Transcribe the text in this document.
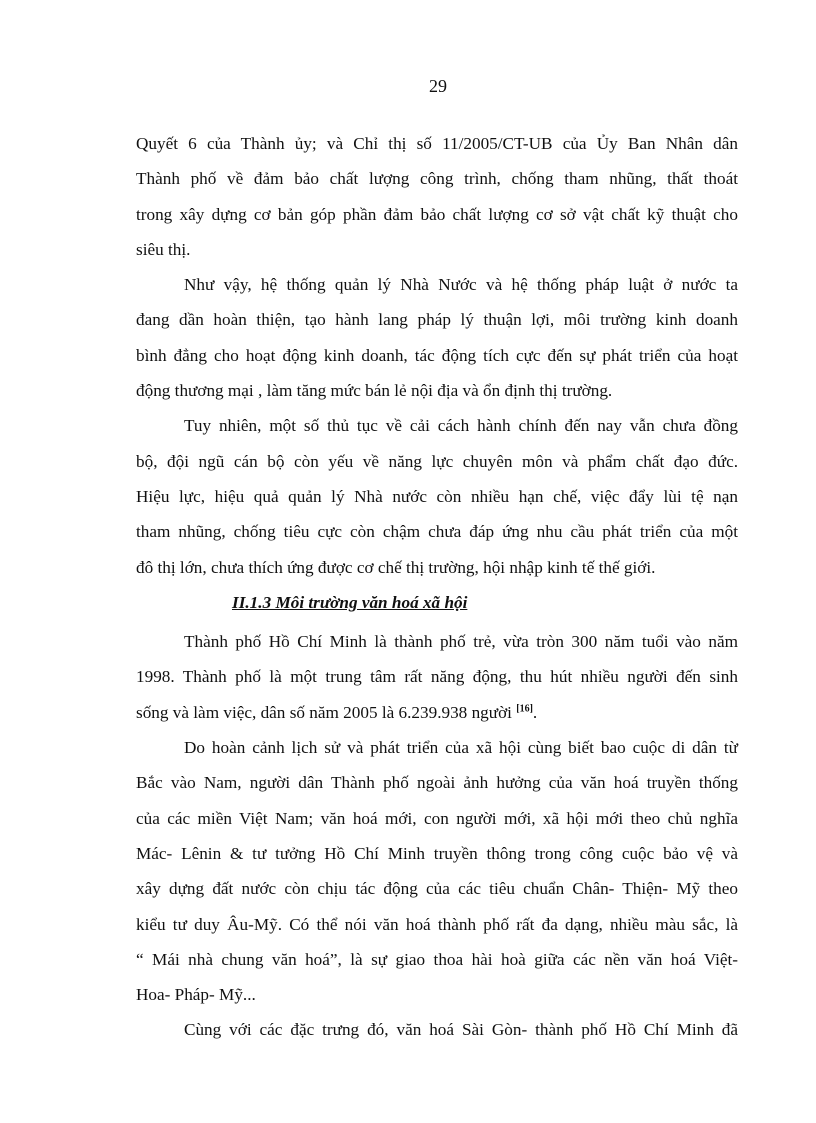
29

Quyết 6 của Thành ủy; và Chỉ thị số 11/2005/CT-UB của Ủy Ban Nhân dân
Thành phố về đảm bảo chất lượng công trình, chống tham nhũng, thất thoát
trong xây dựng cơ bản góp phần đảm bảo chất lượng cơ sở vật chất kỹ thuật cho
siêu thị.

Như vậy, hệ thống quản lý Nhà Nước và hệ thống pháp luật ở nước ta
đang dần hoàn thiện, tạo hành lang pháp lý thuận lợi, môi trường kinh doanh
bình đẳng cho hoạt động kinh doanh, tác động tích cực đến sự phát triển của hoạt
động thương mại , làm tăng mức bán lẻ nội địa và ổn định thị trường.

Tuy nhiên, một số thủ tục về cải cách hành chính đến nay vẫn chưa đồng
bộ, đội ngũ cán bộ còn yếu về năng lực chuyên môn và phẩm chất đạo đức.
Hiệu lực, hiệu quả quản lý Nhà nước còn nhiều hạn chế, việc đẩy lùi tệ nạn
tham nhũng, chống tiêu cực còn chậm chưa đáp ứng nhu cầu phát triển của một
đô thị lớn, chưa thích ứng được cơ chế thị trường, hội nhập kinh tế thế giới.

II.1.3 Môi trường văn hoá xã hội

Thành phố Hồ Chí Minh là thành phố trẻ, vừa tròn 300 năm tuổi vào năm
1998. Thành phố là một trung tâm rất năng động, thu hút nhiều người đến sinh
sống và làm việc, dân số năm 2005 là 6.239.938 người [16].

Do hoàn cảnh lịch sử và phát triển của xã hội cùng biết bao cuộc di dân từ
Bắc vào Nam, người dân Thành phố ngoài ảnh hưởng của văn hoá truyền thống
của các miền Việt Nam; văn hoá mới, con người mới, xã hội mới theo chủ nghĩa
Mác- Lênin & tư tưởng Hồ Chí Minh truyền thông trong công cuộc bảo vệ và
xây dựng đất nước còn chịu tác động của các tiêu chuẩn Chân- Thiện- Mỹ theo
kiểu tư duy Âu-Mỹ. Có thể nói văn hoá thành phố rất đa dạng, nhiều màu sắc, là
“ Mái nhà chung văn hoá”, là sự giao thoa hài hoà giữa các nền văn hoá Việt-
Hoa- Pháp- Mỹ...

Cùng với các đặc trưng đó, văn hoá Sài Gòn- thành phố Hồ Chí Minh đã
